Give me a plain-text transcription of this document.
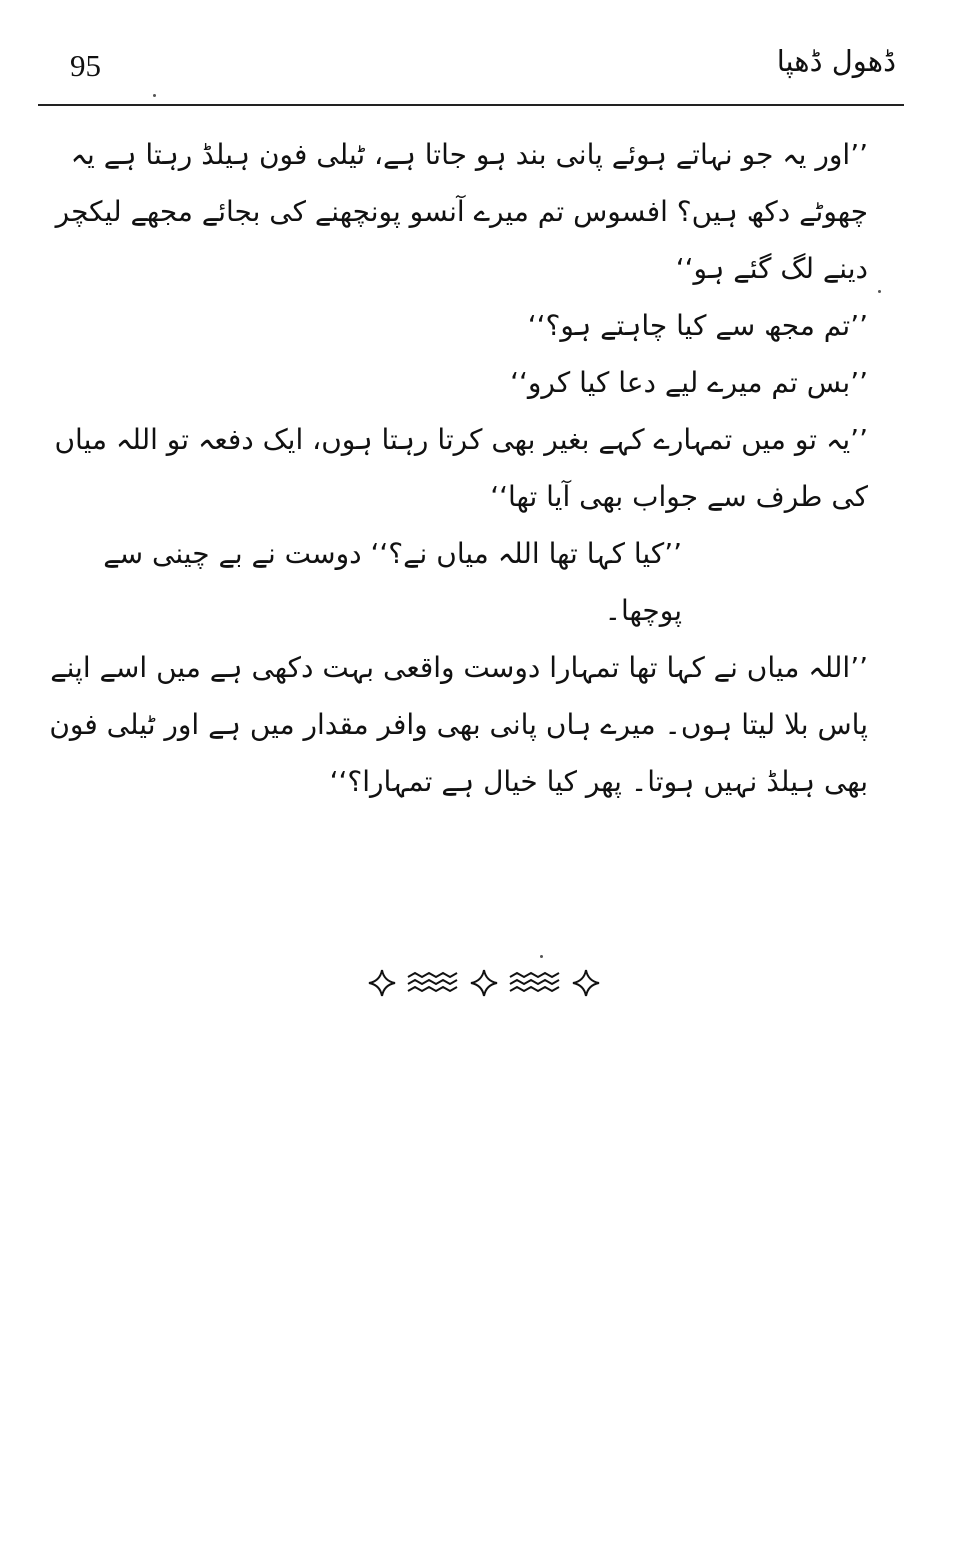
95	ڈھول ڈھپا

’’اور یہ جو نہاتے ہوئے پانی بند ہو جاتا ہے، ٹیلی فون ہیلڈ رہتا ہے یہ چھوٹے دکھ ہیں؟ افسوس تم میرے آنسو پونچھنے کی بجائے مجھے لیکچر دینے لگ گئے ہو‘‘

’’تم مجھ سے کیا چاہتے ہو؟‘‘

’’بس تم میرے لیے دعا کیا کرو‘‘

’’یہ تو میں تمہارے کہے بغیر بھی کرتا رہتا ہوں، ایک دفعہ تو اللہ میاں کی طرف سے جواب بھی آیا تھا‘‘

’’کیا کہا تھا اللہ میاں نے؟‘‘ دوست نے بے چینی سے پوچھا۔

’’اللہ میاں نے کہا تھا تمہارا دوست واقعی بہت دکھی ہے میں اسے اپنے پاس بلا لیتا ہوں۔ میرے ہاں پانی بھی وافر مقدار میں ہے اور ٹیلی فون بھی ہیلڈ نہیں ہوتا۔ پھر کیا خیال ہے تمہارا؟‘‘
